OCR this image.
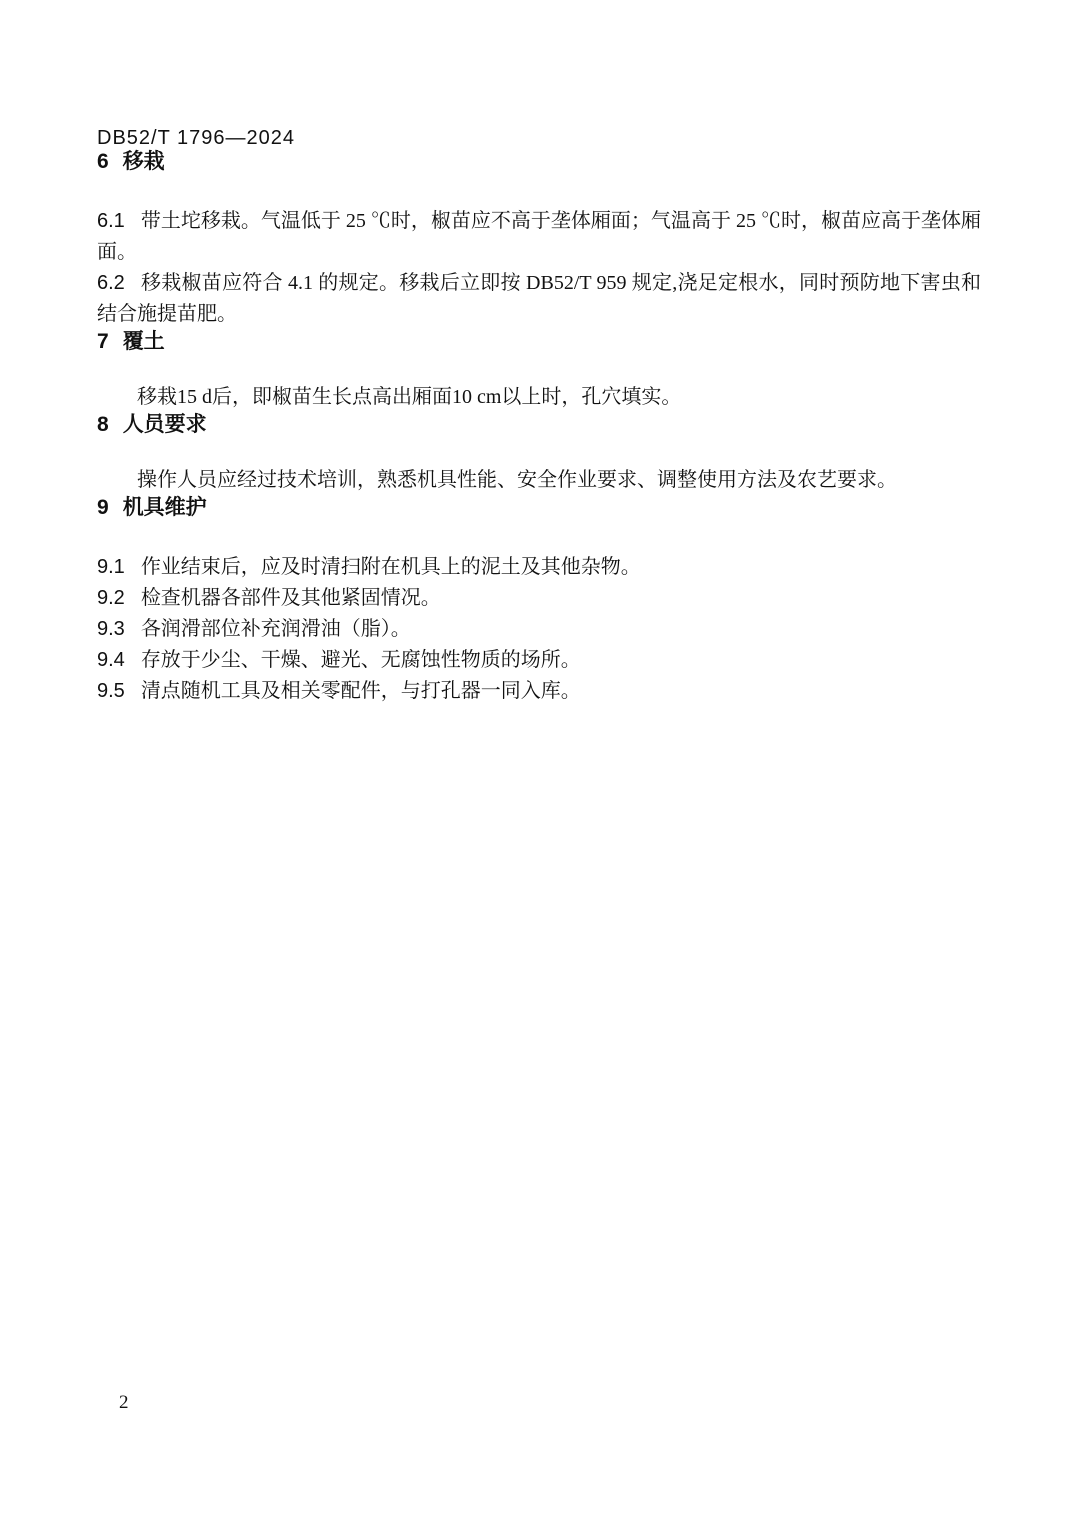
DB52/T 1796—2024
6 移栽

6.1 带土坨移栽。气温低于 25 ℃时，椒苗应不高于垄体厢面；气温高于 25 ℃时，椒苗应高于垄体厢面。

6.2 移栽椒苗应符合 4.1 的规定。移栽后立即按 DB52/T 959 规定,浇足定根水，同时预防地下害虫和结合施提苗肥。

7 覆土

移栽15 d后，即椒苗生长点高出厢面10 cm以上时，孔穴填实。

8 人员要求

操作人员应经过技术培训，熟悉机具性能、安全作业要求、调整使用方法及农艺要求。

9 机具维护

9.1 作业结束后，应及时清扫附在机具上的泥土及其他杂物。

9.2 检查机器各部件及其他紧固情况。

9.3 各润滑部位补充润滑油（脂）。

9.4 存放于少尘、干燥、避光、无腐蚀性物质的场所。

9.5 清点随机工具及相关零配件，与打孔器一同入库。

2
